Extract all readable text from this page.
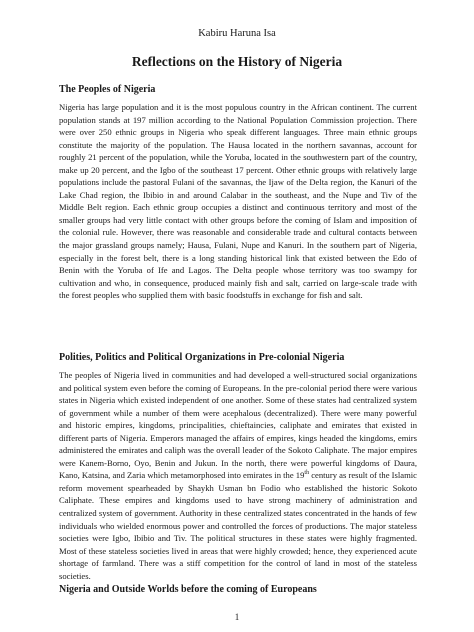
Kabiru Haruna Isa
Reflections on the History of Nigeria
The Peoples of Nigeria

Nigeria has large population and it is the most populous country in the African continent. The current population stands at 197 million according to the National Population Commission projection. There were over 250 ethnic groups in Nigeria who speak different languages. Three main ethnic groups constitute the majority of the population. The Hausa located in the northern savannas, account for roughly 21 percent of the population, while the Yoruba, located in the southwestern part of the country, make up 20 percent, and the Igbo of the southeast 17 percent. Other ethnic groups with relatively large populations include the pastoral Fulani of the savannas, the Ijaw of the Delta region, the Kanuri of the Lake Chad region, the Ibibio in and around Calabar in the southeast, and the Nupe and Tiv of the Middle Belt region. Each ethnic group occupies a distinct and continuous territory and most of the smaller groups had very little contact with other groups before the coming of Islam and imposition of the colonial rule. However, there was reasonable and considerable trade and cultural contacts between the major grassland groups namely; Hausa, Fulani, Nupe and Kanuri. In the southern part of Nigeria, especially in the forest belt, there is a long standing historical link that existed between the Edo of Benin with the Yoruba of Ife and Lagos. The Delta people whose territory was too swampy for cultivation and who, in consequence, produced mainly fish and salt, carried on large-scale trade with the forest peoples who supplied them with basic foodstuffs in exchange for fish and salt.

Polities, Politics and Political Organizations in Pre-colonial Nigeria

The peoples of Nigeria lived in communities and had developed a well-structured social organizations and political system even before the coming of Europeans. In the pre-colonial period there were various states in Nigeria which existed independent of one another. Some of these states had centralized system of government while a number of them were acephalous (decentralized). There were many powerful and historic empires, kingdoms, principalities, chieftaincies, caliphate and emirates that existed in different parts of Nigeria. Emperors managed the affairs of empires, kings headed the kingdoms, emirs administered the emirates and caliph was the overall leader of the Sokoto Caliphate. The major empires were Kanem-Borno, Oyo, Benin and Jukun. In the north, there were powerful kingdoms of Daura, Kano, Katsina, and Zaria which metamorphosed into emirates in the 19th century as result of the Islamic reform movement spearheaded by Shaykh Usman bn Fodio who established the historic Sokoto Caliphate. These empires and kingdoms used to have strong machinery of administration and centralized system of government. Authority in these centralized states concentrated in the hands of few individuals who wielded enormous power and controlled the forces of productions. The major stateless societies were Igbo, Ibibio and Tiv. The political structures in these states were highly fragmented. Most of these stateless societies lived in areas that were highly crowded; hence, they experienced acute shortage of farmland. There was a stiff competition for the control of land in most of the stateless societies.

Nigeria and Outside Worlds before the coming of Europeans
1
